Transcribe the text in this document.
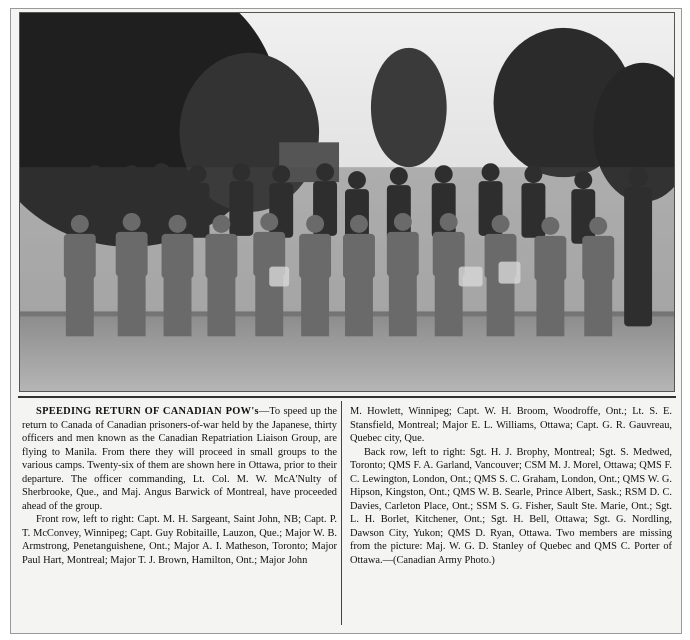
SPEEDING RETURN OF CANADIAN POW's—To speed up the return to Canada of Canadian prisoners-of-war held by the Japanese, thirty officers and men known as the Canadian Repatriation Liaison Group, are flying to Manila. From there they will proceed in small groups to the various camps. Twenty-six of them are shown here in Ottawa, prior to their departure. The officer commanding, Lt. Col. M. W. McA'Nulty of Sherbrooke, Que., and Maj. Angus Barwick of Montreal, have proceeded ahead of the group.

Front row, left to right: Capt. M. H. Sargeant, Saint John, NB; Capt. P. T. McConvey, Winnipeg; Capt. Guy Robitaille, Lauzon, Que.; Major W. B. Armstrong, Penetanguishene, Ont.; Major A. I. Matheson, Toronto; Major Paul Hart, Montreal; Major T. J. Brown, Hamilton, Ont.; Major John

M. Howlett, Winnipeg; Capt. W. H. Broom, Woodroffe, Ont.; Lt. S. E. Stansfield, Montreal; Major E. L. Williams, Ottawa; Capt. G. R. Gauvreau, Quebec city, Que.

Back row, left to right: Sgt. H. J. Brophy, Montreal; Sgt. S. Medwed, Toronto; QMS F. A. Garland, Vancouver; CSM M. J. Morel, Ottawa; QMS F. C. Lewington, London, Ont.; QMS S. C. Graham, London, Ont.; QMS W. G. Hipson, Kingston, Ont.; QMS W. B. Searle, Prince Albert, Sask.; RSM D. C. Davies, Carleton Place, Ont.; SSM S. G. Fisher, Sault Ste. Marie, Ont.; Sgt. L. H. Borlet, Kitchener, Ont.; Sgt. H. Bell, Ottawa; Sgt. G. Nordling, Dawson City, Yukon; QMS D. Ryan, Ottawa. Two members are missing from the picture: Maj. W. G. D. Stanley of Quebec and QMS C. Porter of Ottawa.—(Canadian Army Photo.)
